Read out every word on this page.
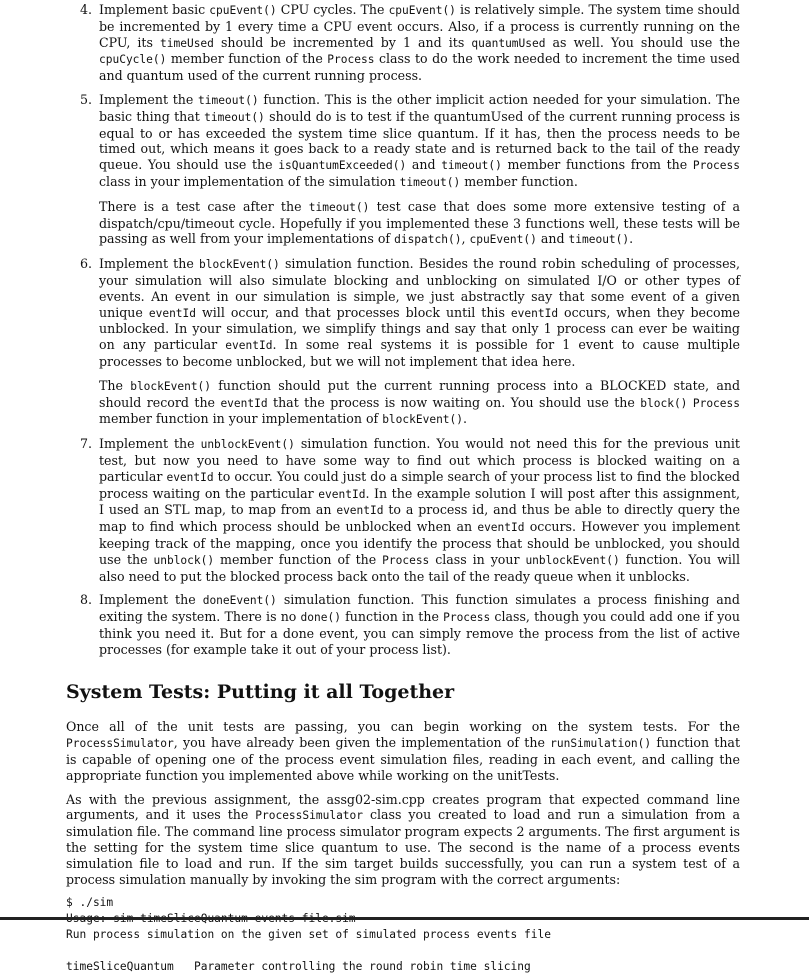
4. Implement basic cpuEvent() CPU cycles. The cpuEvent() is relatively simple. The system time should be incremented by 1 every time a CPU event occurs. Also, if a process is currently running on the CPU, its timeUsed should be incremented by 1 and its quantumUsed as well. You should use the cpuCycle() member function of the Process class to do the work needed to increment the time used and quantum used of the current running process.

5. Implement the timeout() function. This is the other implicit action needed for your simulation. The basic thing that timeout() should do is to test if the quantumUsed of the current running process is equal to or has exceeded the system time slice quantum. If it has, then the process needs to be timed out, which means it goes back to a ready state and is returned back to the tail of the ready queue. You should use the isQuantumExceeded() and timeout() member functions from the Process class in your implementation of the simulation timeout() member function.

There is a test case after the timeout() test case that does some more extensive testing of a dispatch/cpu/timeout cycle. Hopefully if you implemented these 3 functions well, these tests will be passing as well from your implementations of dispatch(), cpuEvent() and timeout().

6. Implement the blockEvent() simulation function. Besides the round robin scheduling of processes, your simulation will also simulate blocking and unblocking on simulated I/O or other types of events. An event in our simulation is simple, we just abstractly say that some event of a given unique eventId will occur, and that processes block until this eventId occurs, when they become unblocked. In your simulation, we simplify things and say that only 1 process can ever be waiting on any particular eventId. In some real systems it is possible for 1 event to cause multiple processes to become unblocked, but we will not implement that idea here.

The blockEvent() function should put the current running process into a BLOCKED state, and should record the eventId that the process is now waiting on. You should use the block() Process member function in your implementation of blockEvent().

7. Implement the unblockEvent() simulation function. You would not need this for the previous unit test, but now you need to have some way to find out which process is blocked waiting on a particular eventId to occur. You could just do a simple search of your process list to find the blocked process waiting on the particular eventId. In the example solution I will post after this assignment, I used an STL map, to map from an eventId to a process id, and thus be able to directly query the map to find which process should be unblocked when an eventId occurs. However you implement keeping track of the mapping, once you identify the process that should be unblocked, you should use the unblock() member function of the Process class in your unblockEvent() function. You will also need to put the blocked process back onto the tail of the ready queue when it unblocks.

8. Implement the doneEvent() simulation function. This function simulates a process finishing and exiting the system. There is no done() function in the Process class, though you could add one if you think you need it. But for a done event, you can simply remove the process from the list of active processes (for example take it out of your process list).

System Tests: Putting it all Together

Once all of the unit tests are passing, you can begin working on the system tests. For the ProcessSimulator, you have already been given the implementation of the runSimulation() function that is capable of opening one of the process event simulation files, reading in each event, and calling the appropriate function you implemented above while working on the unitTests.

As with the previous assignment, the assg02-sim.cpp creates program that expected command line arguments, and it uses the ProcessSimulator class you created to load and run a simulation from a simulation file. The command line process simulator program expects 2 arguments. The first argument is the setting for the system time slice quantum to use. The second is the name of a process events simulation file to load and run. If the sim target builds successfully, you can run a system test of a process simulation manually by invoking the sim program with the correct arguments:

$ ./sim

Run process simulation on the given set of simulated process events file

timeSliceQuantum   Parameter controlling the round robin time slicing
